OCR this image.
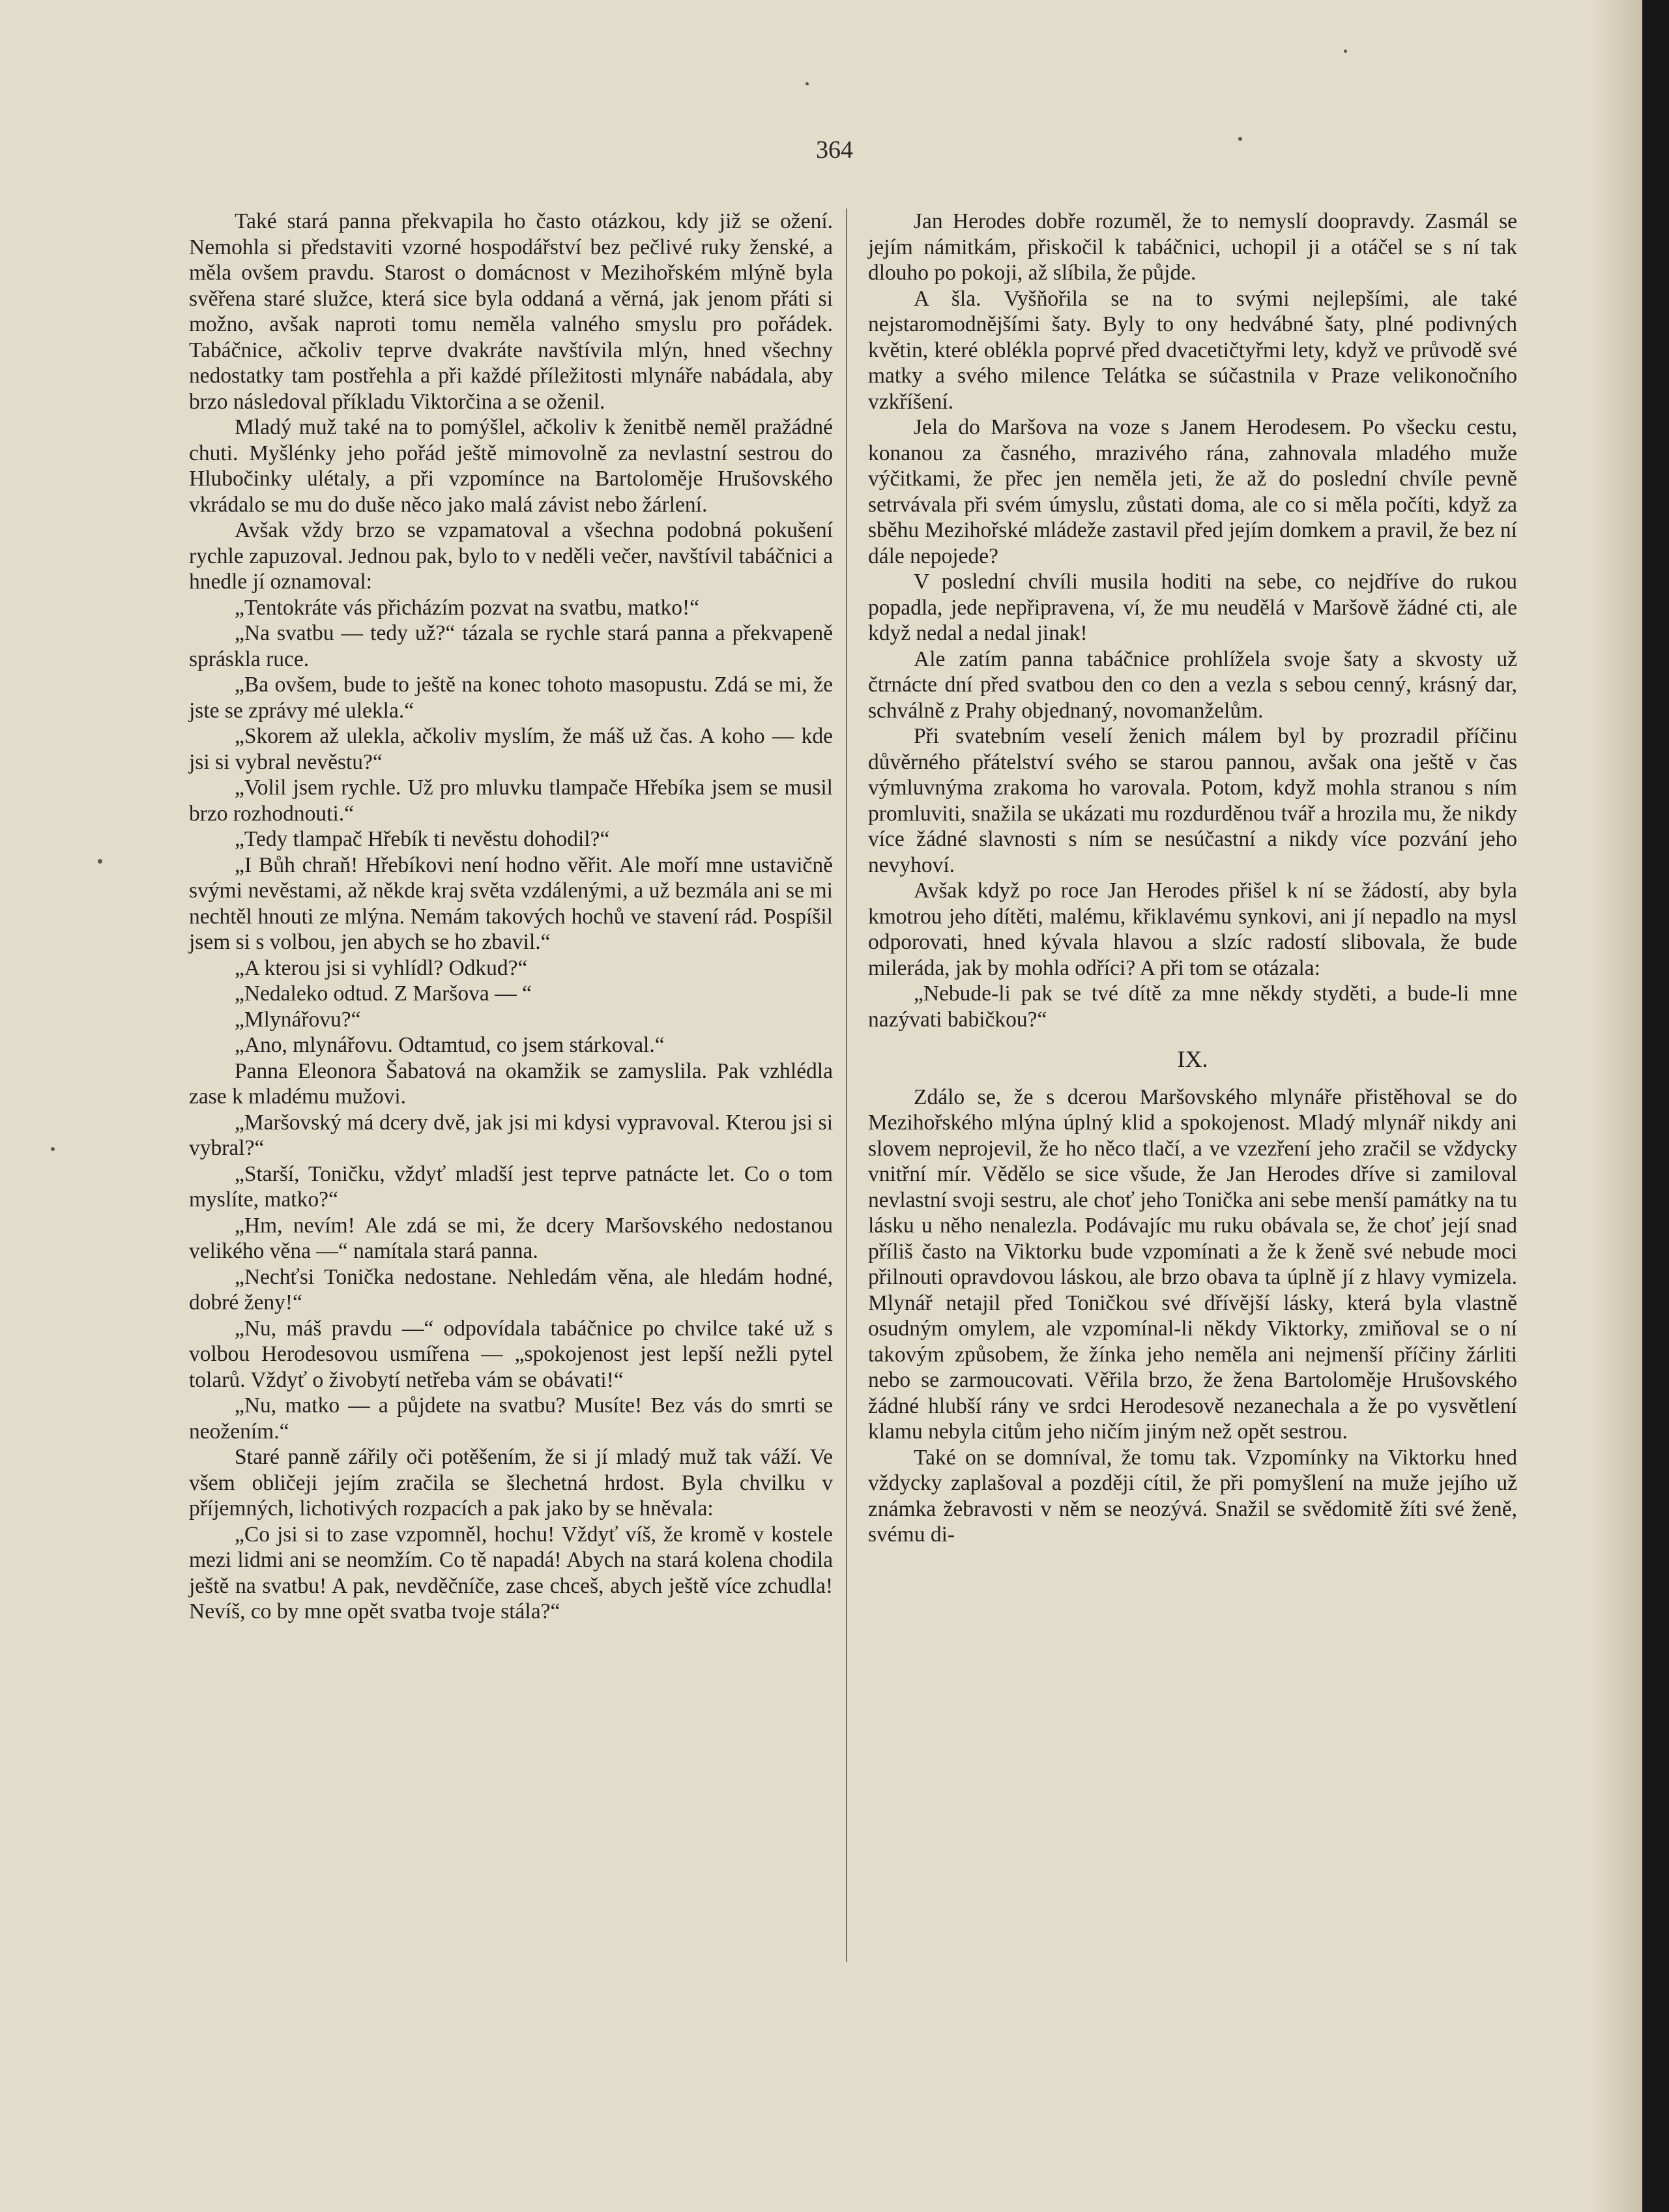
364

Také stará panna překvapila ho často otázkou, kdy již se ožení. Nemohla si představiti vzorné hospodářství bez pečlivé ruky ženské, a měla ovšem pravdu. Starost o domácnost v Mezihořském mlýně byla svěřena staré služce, která sice byla oddaná a věrná, jak jenom přáti si možno, avšak naproti tomu neměla valného smyslu pro pořádek. Tabáčnice, ačkoliv teprve dvakráte navštívila mlýn, hned všechny nedostatky tam postřehla a při každé příležitosti mlynáře nabádala, aby brzo následoval příkladu Viktorčina a se oženil.

Mladý muž také na to pomýšlel, ačkoliv k ženitbě neměl pražádné chuti. Myšlénky jeho pořád ještě mimovolně za nevlastní sestrou do Hlubočinky ulétaly, a při vzpomínce na Bartoloměje Hrušovského vkrádalo se mu do duše něco jako malá závist nebo žárlení.

Avšak vždy brzo se vzpamatoval a všechna podobná pokušení rychle zapuzoval. Jednou pak, bylo to v neděli večer, navštívil tabáčnici a hnedle jí oznamoval:

„Tentokráte vás přicházím pozvat na svatbu, matko!“

„Na svatbu — tedy už?“ tázala se rychle stará panna a překvapeně spráskla ruce.

„Ba ovšem, bude to ještě na konec tohoto masopustu. Zdá se mi, že jste se zprávy mé ulekla.“

„Skorem až ulekla, ačkoliv myslím, že máš už čas. A koho — kde jsi si vybral nevěstu?“

„Volil jsem rychle. Už pro mluvku tlampače Hřebíka jsem se musil brzo rozhodnouti.“

„Tedy tlampač Hřebík ti nevěstu dohodil?“

„I Bůh chraň! Hřebíkovi není hodno věřit. Ale moří mne ustavičně svými nevěstami, až někde kraj světa vzdálenými, a už bezmála ani se mi nechtěl hnouti ze mlýna. Nemám takových hochů ve stavení rád. Pospíšil jsem si s volbou, jen abych se ho zbavil.“

„A kterou jsi si vyhlídl? Odkud?“

„Nedaleko odtud. Z Maršova — “

„Mlynářovu?“

„Ano, mlynářovu. Odtamtud, co jsem stárkoval.“

Panna Eleonora Šabatová na okamžik se zamyslila. Pak vzhlédla zase k mladému mužovi.

„Maršovský má dcery dvě, jak jsi mi kdysi vypravoval. Kterou jsi si vybral?“

„Starší, Toničku, vždyť mladší jest teprve patnácte let. Co o tom myslíte, matko?“

„Hm, nevím! Ale zdá se mi, že dcery Maršovského nedostanou velikého věna —“ namítala stará panna.

„Nechťsi Tonička nedostane. Nehledám věna, ale hledám hodné, dobré ženy!“

„Nu, máš pravdu —“ odpovídala tabáčnice po chvilce také už s volbou Herodesovou usmířena — „spokojenost jest lepší nežli pytel tolarů. Vždyť o živobytí netřeba vám se obávati!“

„Nu, matko — a půjdete na svatbu? Musíte! Bez vás do smrti se neožením.“

Staré panně zářily oči potěšením, že si jí mladý muž tak váží. Ve všem obličeji jejím zračila se šlechetná hrdost. Byla chvilku v příjemných, lichotivých rozpacích a pak jako by se hněvala:

„Co jsi si to zase vzpomněl, hochu! Vždyť víš, že kromě v kostele mezi lidmi ani se neomžím. Co tě napadá! Abych na stará kolena chodila ještě na svatbu! A pak, nevděčníče, zase chceš, abych ještě více zchudla! Nevíš, co by mne opět svatba tvoje stála?“

Jan Herodes dobře rozuměl, že to nemyslí doopravdy. Zasmál se jejím námitkám, přiskočil k tabáčnici, uchopil ji a otáčel se s ní tak dlouho po pokoji, až slíbila, že půjde.

A šla. Vyšňořila se na to svými nejlepšími, ale také nejstaromodnějšími šaty. Byly to ony hedvábné šaty, plné podivných květin, které oblékla poprvé před dvacetičtyřmi lety, když ve průvodě své matky a svého milence Telátka se súčastnila v Praze velikonočního vzkříšení.

Jela do Maršova na voze s Janem Herodesem. Po všecku cestu, konanou za časného, mrazivého rána, zahnovala mladého muže výčitkami, že přec jen neměla jeti, že až do poslední chvíle pevně setrvávala při svém úmyslu, zůstati doma, ale co si měla počíti, když za sběhu Mezihořské mládeže zastavil před jejím domkem a pravil, že bez ní dále nepojede?

V poslední chvíli musila hoditi na sebe, co nejdříve do rukou popadla, jede nepřipravena, ví, že mu neudělá v Maršově žádné cti, ale když nedal a nedal jinak!

Ale zatím panna tabáčnice prohlížela svoje šaty a skvosty už čtrnácte dní před svatbou den co den a vezla s sebou cenný, krásný dar, schválně z Prahy objednaný, novomanželům.

Při svatebním veselí ženich málem byl by prozradil příčinu důvěrného přátelství svého se starou pannou, avšak ona ještě v čas výmluvnýma zrakoma ho varovala. Potom, když mohla stranou s ním promluviti, snažila se ukázati mu rozdurděnou tvář a hrozila mu, že nikdy více žádné slavnosti s ním se nesúčastní a nikdy více pozvání jeho nevyhoví.

Avšak když po roce Jan Herodes přišel k ní se žádostí, aby byla kmotrou jeho dítěti, malému, křiklavému synkovi, ani jí nepadlo na mysl odporovati, hned kývala hlavou a slzíc radostí slibovala, že bude mileráda, jak by mohla odříci? A při tom se otázala:

„Nebude-li pak se tvé dítě za mne někdy styděti, a bude-li mne nazývati babičkou?“

IX.

Zdálo se, že s dcerou Maršovského mlynáře přistěhoval se do Mezihořského mlýna úplný klid a spokojenost. Mladý mlynář nikdy ani slovem neprojevil, že ho něco tlačí, a ve vzezření jeho zračil se vždycky vnitřní mír. Vědělo se sice všude, že Jan Herodes dříve si zamiloval nevlastní svoji sestru, ale choť jeho Tonička ani sebe menší památky na tu lásku u něho nenalezla. Podávajíc mu ruku obávala se, že choť její snad příliš často na Viktorku bude vzpomínati a že k ženě své nebude moci přilnouti opravdovou láskou, ale brzo obava ta úplně jí z hlavy vymizela. Mlynář netajil před Toničkou své dřívější lásky, která byla vlastně osudným omylem, ale vzpomínal-li někdy Viktorky, zmiňoval se o ní takovým způsobem, že žínka jeho neměla ani nejmenší příčiny žárliti nebo se zarmoucovati. Věřila brzo, že žena Bartoloměje Hrušovského žádné hlubší rány ve srdci Herodesově nezanechala a že po vysvětlení klamu nebyla citům jeho ničím jiným než opět sestrou.

Také on se domníval, že tomu tak. Vzpomínky na Viktorku hned vždycky zaplašoval a později cítil, že při pomyšlení na muže jejího už známka žebravosti v něm se neozývá. Snažil se svědomitě žíti své ženě, svému di-
